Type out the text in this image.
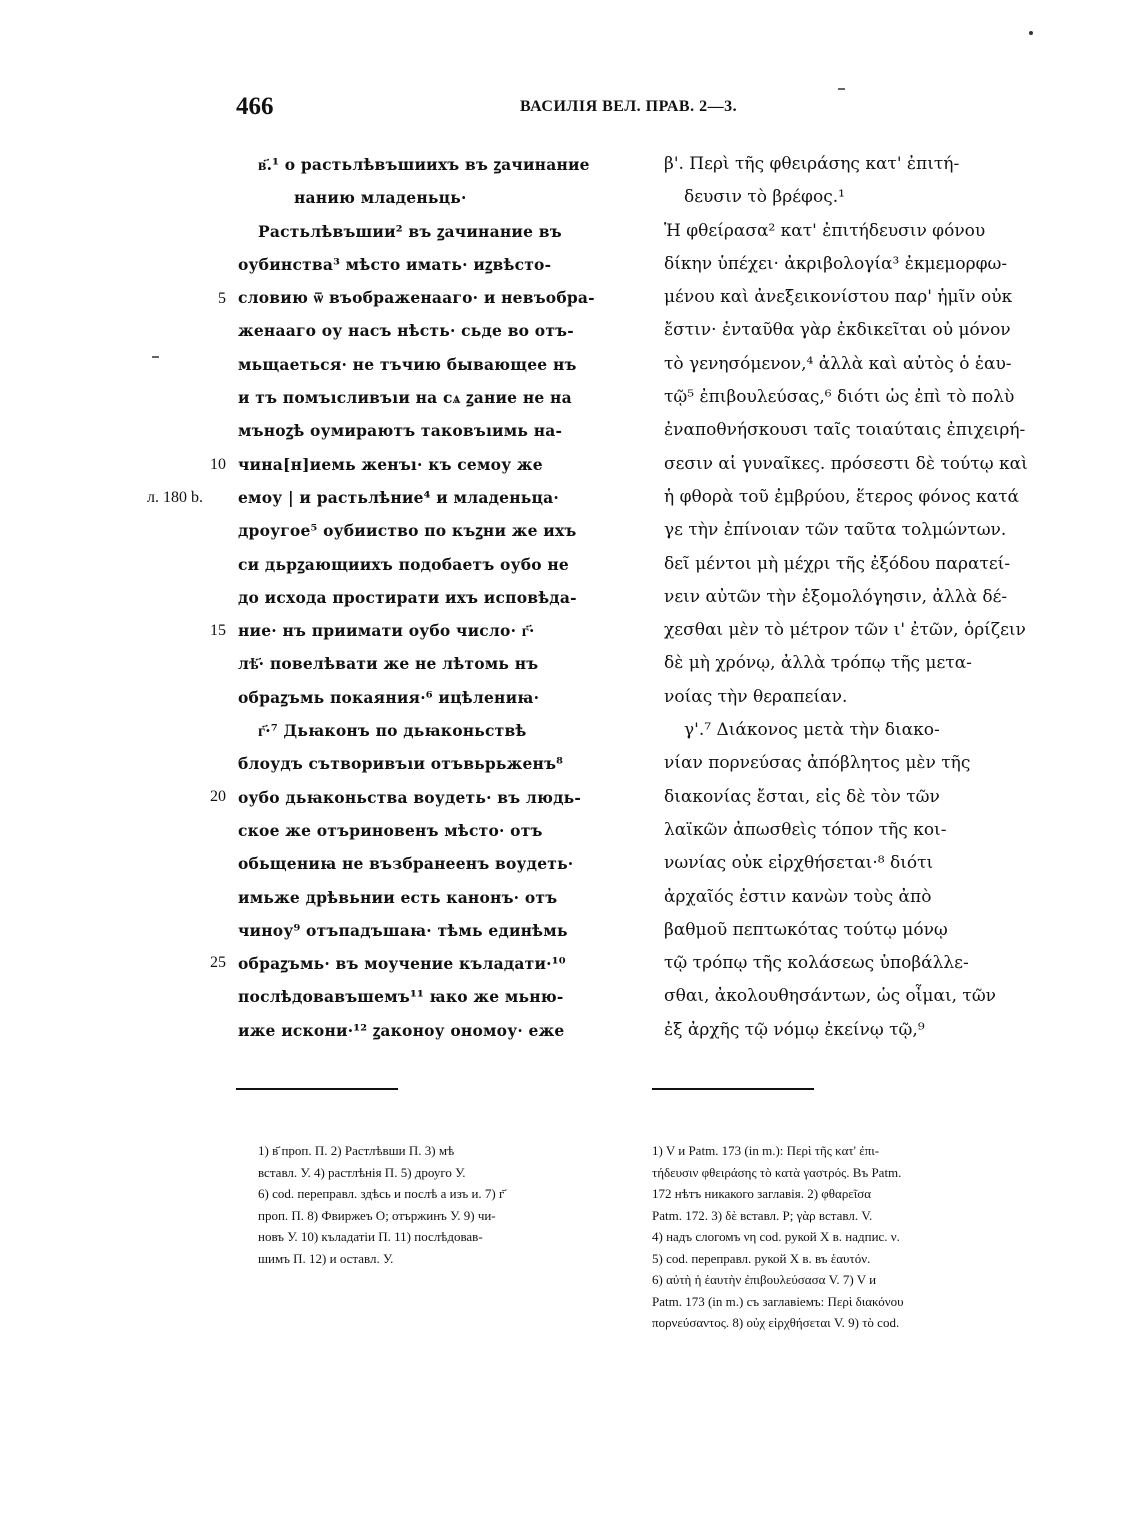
466	ВАСИЛІЯ ВЕЛ. ПРАВ. 2—3.
в҃.¹ о растьлѣвъшиихъ въ ꙁачинание
нанию младеньць·
Растьлѣвъшии² въ ꙁачинание въ
оубинства³ мѣсто имать· иꙁвѣсто-
словию ѿ въображенааго· и невъобра-
женааго оу насъ нѣсть· сьде во отъ-
мьщаеться· не тъчию бывающее нъ
и тъ помъıсливъıи на сѧ ꙁание не на
мъноꙁѣ оумираютъ таковъıимь на-
чина[н]иемь женъı· къ семоу же
емоу | и растьлѣние⁴ и младеньца·
дроугое⁵ оубииство по къꙁни же ихъ
си дьрꙁающиихъ подобаетъ оубо не
до исхода простирати ихъ исповѣда-
ние· нъ приимати оубо число· г҃·
лѣ҃· повелѣвати же не лѣтомь нъ
обраꙁъмь покаяния·⁶ ицѣлениꙗ·
г҃·⁷ Дьꙗконъ по дьꙗконьствѣ
блоудъ сътворивъıи отъвьрьженъ⁸
оубо дьꙗконьства воудеть· въ людь-
ское же отъриновенъ мѣсто· отъ
обьщениꙗ не възбранеенъ воудеть·
имьже дрѣвьнии есть канонъ· отъ
чиноу⁹ отъпадъшаꙗ· тѣмь единѣмь
обраꙁъмь· въ моучение къладати·¹⁰
послѣдовавъшемъ¹¹ ꙗко же мьню-
иже искони·¹² ꙁаконоу ономоу· еже
5
10
15
20
25
л. 180 b.
β'. Περὶ τῆς φθειράσης κατ' ἐπιτή-
δευσιν τὸ βρέφος.¹
Ἡ φθείρασα² κατ' ἐπιτήδευσιν φόνου
δίκην ὑπέχει· ἀκριβολογία³ ἐκμεμορφω-
μένου καὶ ἀνεξεικονίστου παρ' ἡμῖν οὐκ
ἔστιν· ἐνταῦθα γὰρ ἐκδικεῖται οὐ μόνον
τὸ γενησόμενον,⁴ ἀλλὰ καὶ αὐτὸς ὁ ἑαυ-
τῷ⁵ ἐπιβουλεύσας,⁶ διότι ὡς ἐπὶ τὸ πολὺ
ἐναποθνήσκουσι ταῖς τοιαύταις ἐπιχειρή-
σεσιν αἱ γυναῖκες. πρόσεστι δὲ τούτῳ καὶ
ἡ φθορὰ τοῦ ἐμβρύου, ἕτερος φόνος κατά
γε τὴν ἐπίνοιαν τῶν ταῦτα τολμώντων.
δεῖ μέντοι μὴ μέχρι τῆς ἐξόδου παρατεί-
νειν αὐτῶν τὴν ἐξομολόγησιν, ἀλλὰ δέ-
χεσθαι μὲν τὸ μέτρον τῶν ι' ἐτῶν, ὁρίζειν
δὲ μὴ χρόνῳ, ἀλλὰ τρόπῳ τῆς μετα-
νοίας τὴν θεραπείαν.
γ'.⁷ Διάκονος μετὰ τὴν διακο-
νίαν πορνεύσας ἀπόβλητος μὲν τῆς
διακονίας ἔσται, εἰς δὲ τὸν τῶν
λαϊκῶν ἀπωσθεὶς τόπον τῆς κοι-
νωνίας οὐκ εἰρχθήσεται·⁸ διότι
ἀρχαῖός ἐστιν κανὼν τοὺς ἀπὸ
βαθμοῦ πεπτωκότας τούτῳ μόνῳ
τῷ τρόπῳ τῆς κολάσεως ὑποβάλλε-
σθαι, ἀκολουθησάντων, ὡς οἶμαι, τῶν
ἐξ ἀρχῆς τῷ νόμῳ ἐκείνῳ τῷ,⁹
1) в҃ проп. П. 2) Растлѣвши П. 3) мѣ
вставл. У. 4) растлѣнія П. 5) дроуго У.
6) cod. перепpавл. здѣсь и послѣ а изъ и. 7) г҃
проп. П. 8) Фвиржеъ О; отържинъ У. 9) чи-
новъ У. 10) къладатiи П. 11) послѣдовав-
шимъ П. 12) и оставл. У.
1) V и Patm. 173 (in m.): Περὶ τῆς κατ' ἐπι-
τήδευσιν φθειράσης τὸ κατὰ γαστρός. Въ Patm.
172 нѣтъ никакого заглавія. 2) φθαρεῖσα
Patm. 172. 3) δὲ вставл. P; γὰρ вставл. V.
4) надъ слогомъ νη cod. рукой X в. надпис. ν.
5) cod. переправл. рукой X в. въ ἑαυτόν.
6) αὐτὴ ἡ ἑαυτὴν ἐπιβουλεύσασα V. 7) V и
Patm. 173 (in m.) съ заглавіемъ: Περὶ διακόνου
πορνεύσαντος. 8) οὐχ εἱρχθήσεται V. 9) τὸ cod.
